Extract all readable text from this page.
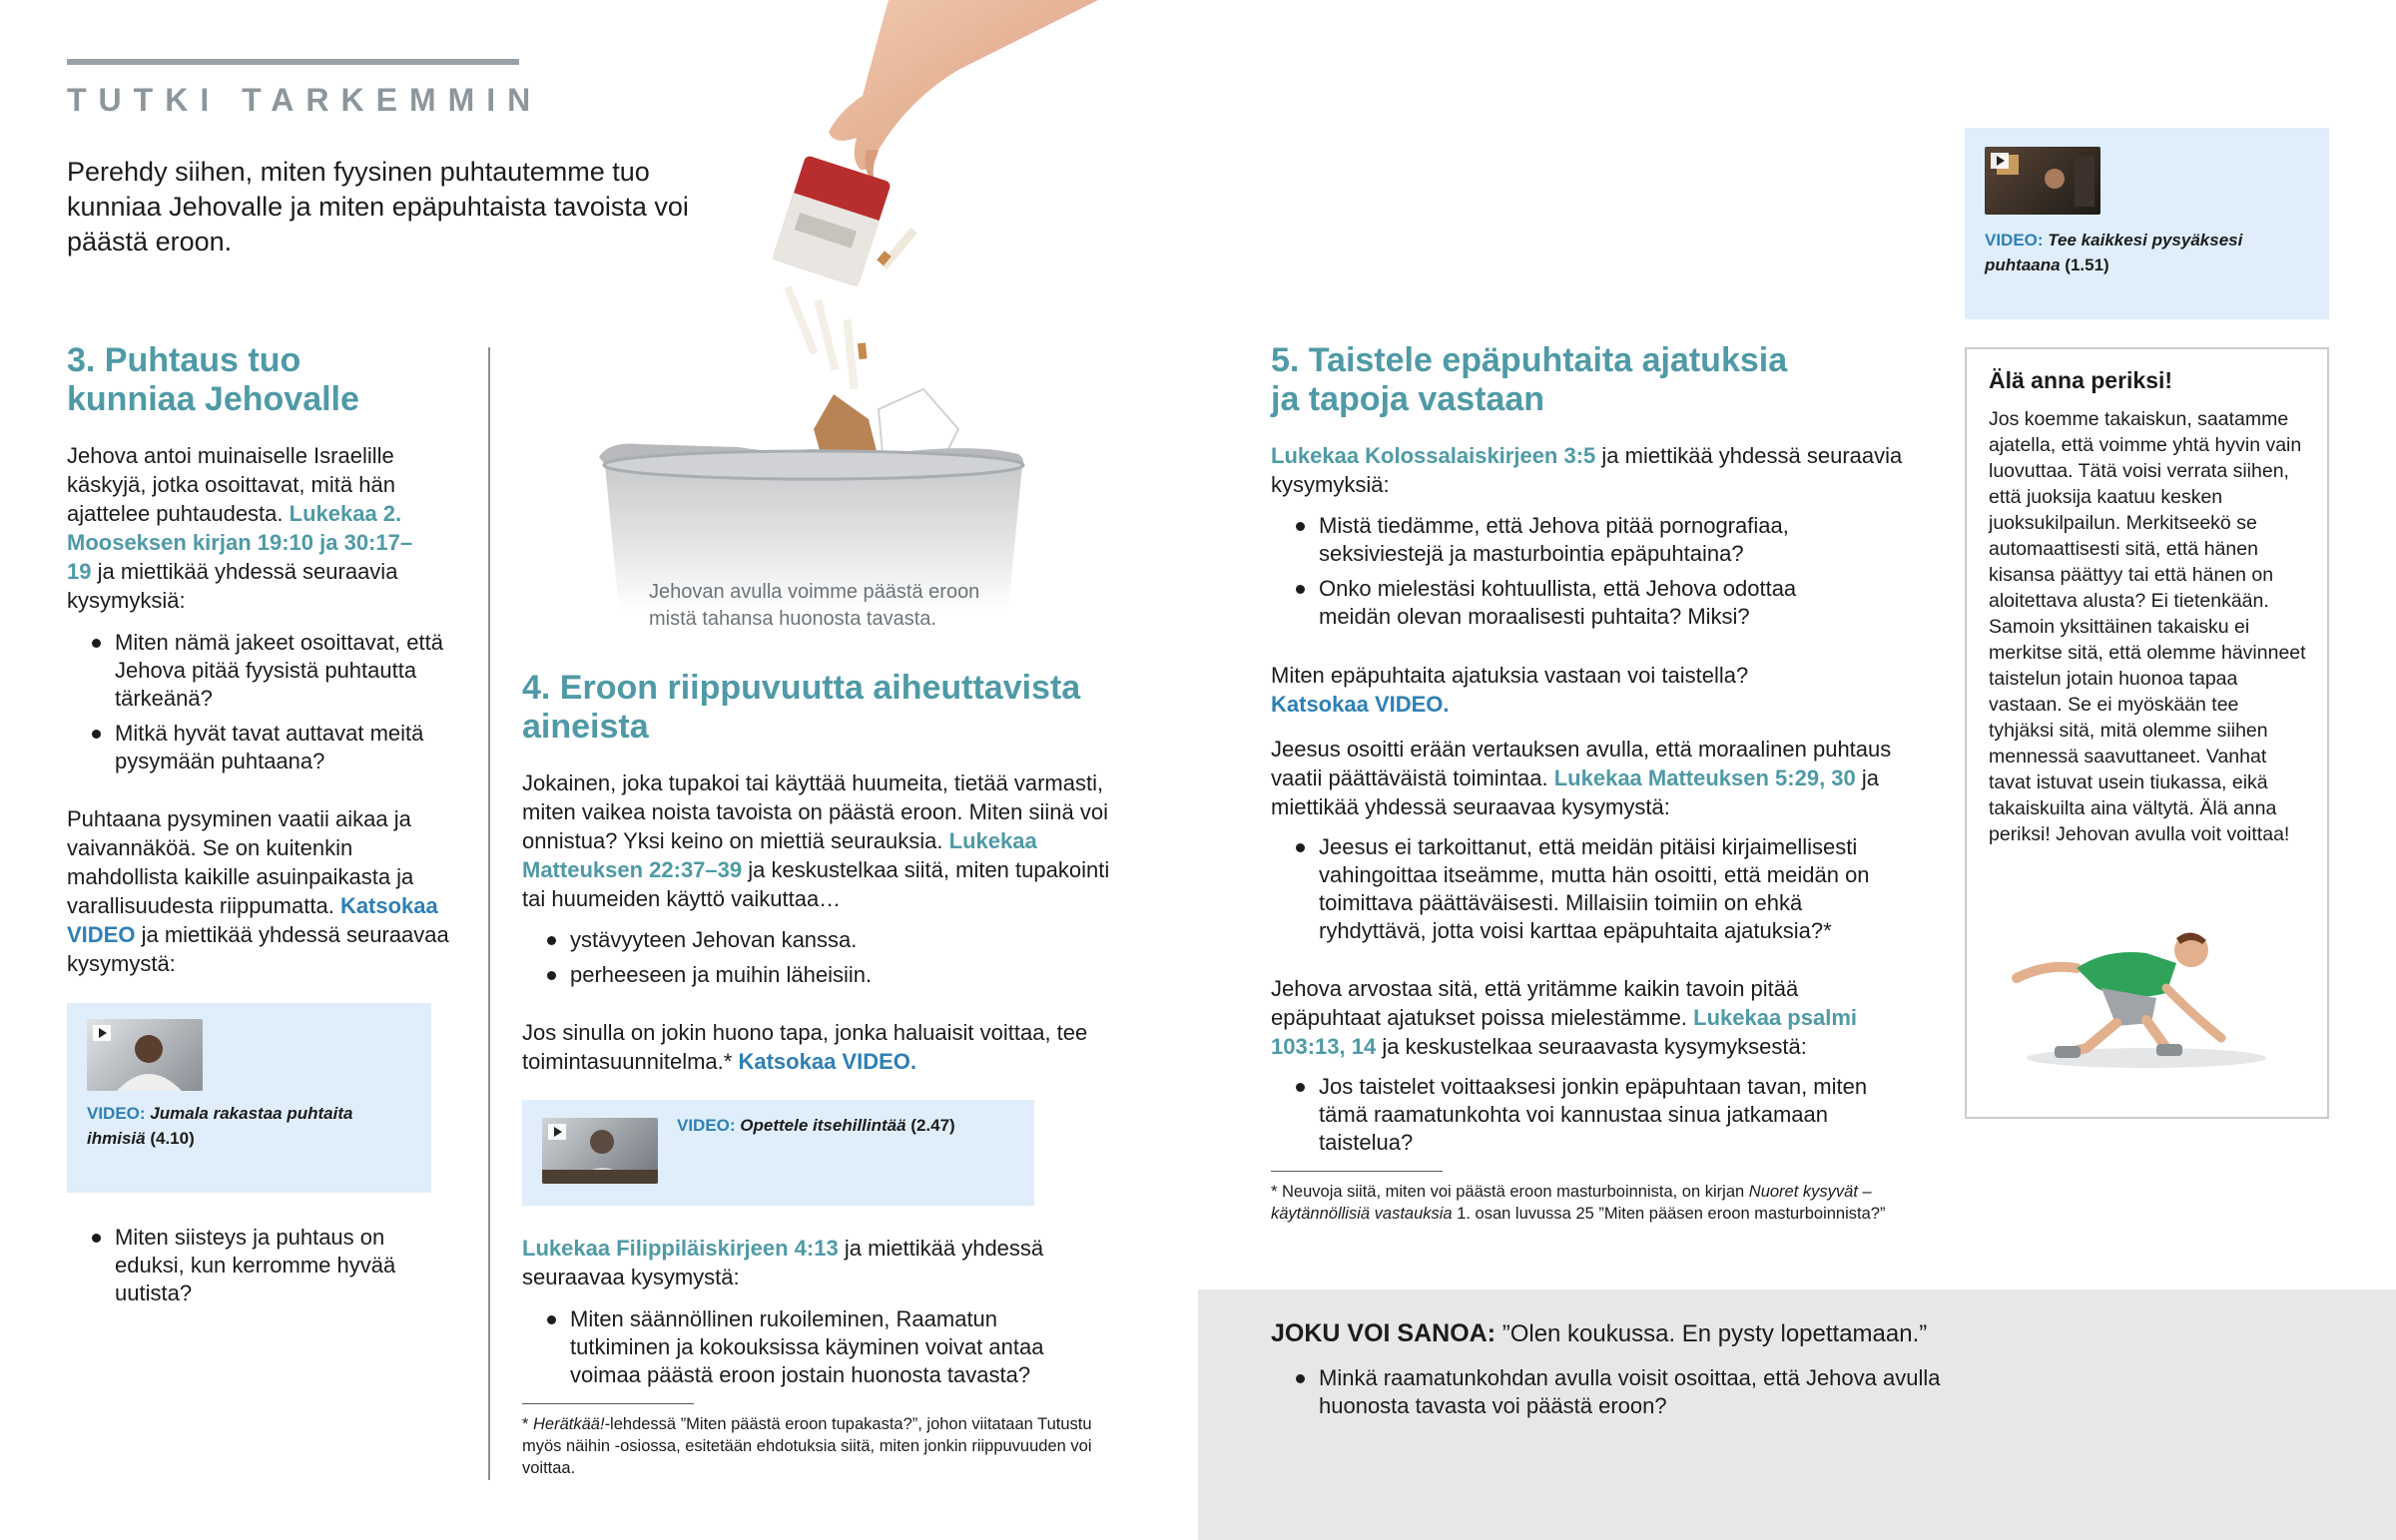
TUTKI TARKEMMIN
Perehdy siihen, miten fyysinen puhtautemme tuo kunniaa Jehovalle ja miten epäpuhtaista tavoista voi päästä eroon.
Jehovan avulla voimme päästä eroon
mistä tahansa huonosta tavasta.
3. Puhtaus tuo
kunniaa Jehovalle
Jehova antoi muinaiselle Israelille käskyjä, jotka osoittavat, mitä hän ajattelee puhtaudesta. Lukekaa 2. Mooseksen kirjan 19:10 ja 30:17–19 ja miettikää yhdessä seuraavia kysymyksiä:
Miten nämä jakeet osoittavat, että Jehova pitää fyysistä puhtautta tärkeänä?
Mitkä hyvät tavat auttavat meitä pysymään puhtaana?
Puhtaana pysyminen vaatii aikaa ja vaivannäköä. Se on kuitenkin mahdollista kaikille asuinpaikasta ja varallisuudesta riippumatta. Katsokaa VIDEO ja miettikää yhdessä seuraavaa kysymystä:
VIDEO: Jumala rakastaa puhtaita ihmisiä (4.10)
Miten siisteys ja puhtaus on eduksi, kun kerromme hyvää uutista?
4. Eroon riippuvuutta aiheuttavista
aineista
Jokainen, joka tupakoi tai käyttää huumeita, tietää varmasti, miten vaikea noista tavoista on päästä eroon. Miten siinä voi onnistua? Yksi keino on miettiä seurauksia. Lukekaa Matteuksen 22:37–39 ja keskustelkaa siitä, miten tupakointi tai huumeiden käyttö vaikuttaa…
ystävyyteen Jehovan kanssa.
perheeseen ja muihin läheisiin.
Jos sinulla on jokin huono tapa, jonka haluaisit voittaa, tee toimintasuunnitelma.* Katsokaa VIDEO.
VIDEO: Opettele itsehillintää (2.47)
Lukekaa Filippiläiskirjeen 4:13 ja miettikää yhdessä seuraavaa kysymystä:
Miten säännöllinen rukoileminen, Raamatun tutkiminen ja kokouksissa käyminen voivat antaa voimaa päästä eroon jostain huonosta tavasta?
* Herätkää!-lehdessä ”Miten päästä eroon tupakasta?”, johon viitataan Tutustu myös näihin -osiossa, esitetään ehdotuksia siitä, miten jonkin riippuvuuden voi voittaa.
5. Taistele epäpuhtaita ajatuksia
ja tapoja vastaan
Lukekaa Kolossalaiskirjeen 3:5 ja miettikää yhdessä seuraavia kysymyksiä:
Mistä tiedämme, että Jehova pitää pornografiaa, seksiviestejä ja masturbointia epäpuhtaina?
Onko mielestäsi kohtuullista, että Jehova odottaa meidän olevan moraalisesti puhtaita? Miksi?
Miten epäpuhtaita ajatuksia vastaan voi taistella?
Katsokaa VIDEO.
Jeesus osoitti erään vertauksen avulla, että moraalinen puhtaus vaatii päättäväistä toimintaa. Lukekaa Matteuksen 5:29, 30 ja miettikää yhdessä seuraavaa kysymystä:
Jeesus ei tarkoittanut, että meidän pitäisi kirjaimellisesti vahingoittaa itseämme, mutta hän osoitti, että meidän on toimittava päättäväisesti. Millaisiin toimiin on ehkä ryhdyttävä, jotta voisi karttaa epäpuhtaita ajatuksia?*
Jehova arvostaa sitä, että yritämme kaikin tavoin pitää epäpuhtaat ajatukset poissa mielestämme. Lukekaa psalmi 103:13, 14 ja keskustelkaa seuraavasta kysymyksestä:
Jos taistelet voittaaksesi jonkin epäpuhtaan tavan, miten tämä raamatunkohta voi kannustaa sinua jatkamaan taistelua?
* Neuvoja siitä, miten voi päästä eroon masturboinnista, on kirjan Nuoret kysyvät – käytännöllisiä vastauksia 1. osan luvussa 25 ”Miten pääsen eroon masturboinnista?”
VIDEO: Tee kaikkesi pysyäksesi puhtaana (1.51)
Älä anna periksi!
Jos koemme takaiskun, saatamme ajatella, että voimme yhtä hyvin vain luovuttaa. Tätä voisi verrata siihen, että juoksija kaatuu kesken juoksukilpailun. Merkitseekö se automaattisesti sitä, että hänen kisansa päättyy tai että hänen on aloitettava alusta? Ei tietenkään. Samoin yksittäinen takaisku ei merkitse sitä, että olemme hävinneet taistelun jotain huonoa tapaa vastaan. Se ei myöskään tee tyhjäksi sitä, mitä olemme siihen mennessä saavuttaneet. Vanhat tavat istuvat usein tiukassa, eikä takaiskuilta aina vältytä. Älä anna periksi! Jehovan avulla voit voittaa!
JOKU VOI SANOA: ”Olen koukussa. En pysty lopettamaan.”
Minkä raamatunkohdan avulla voisit osoittaa, että Jehova avulla huonosta tavasta voi päästä eroon?
